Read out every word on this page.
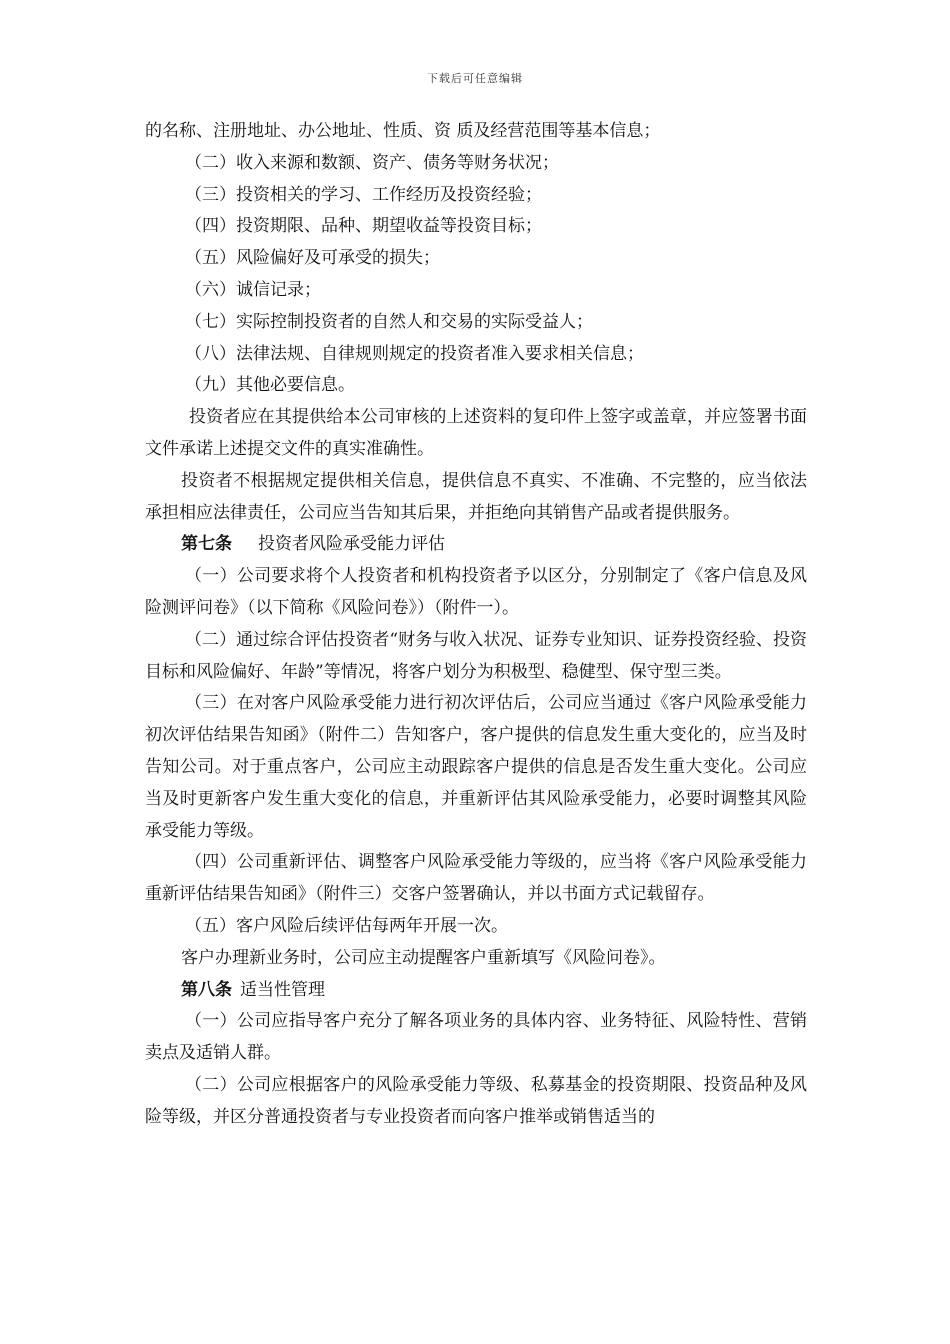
下载后可任意编辑

的名称、注册地址、办公地址、性质、资 质及经营范围等基本信息；

（二）收入来源和数额、资产、债务等财务状况；

（三）投资相关的学习、工作经历及投资经验；

（四）投资期限、品种、期望收益等投资目标；

（五）风险偏好及可承受的损失；

（六）诚信记录；

（七）实际控制投资者的自然人和交易的实际受益人；

（八）法律法规、自律规则规定的投资者准入要求相关信息；

（九）其他必要信息。

投资者应在其提供给本公司审核的上述资料的复印件上签字或盖章，并应签署书面文件承诺上述提交文件的真实准确性。

投资者不根据规定提供相关信息，提供信息不真实、不准确、不完整的，应当依法承担相应法律责任，公司应当告知其后果，并拒绝向其销售产品或者提供服务。

第七条 投资者风险承受能力评估

（一）公司要求将个人投资者和机构投资者予以区分，分别制定了《客户信息及风险测评问卷》（以下简称《风险问卷》）（附件一）。

（二）通过综合评估投资者“财务与收入状况、证券专业知识、证券投资经验、投资目标和风险偏好、年龄”等情况，将客户划分为积极型、稳健型、保守型三类。

（三）在对客户风险承受能力进行初次评估后，公司应当通过《客户风险承受能力初次评估结果告知函》（附件二）告知客户，客户提供的信息发生重大变化的，应当及时告知公司。对于重点客户，公司应主动跟踪客户提供的信息是否发生重大变化。公司应当及时更新客户发生重大变化的信息，并重新评估其风险承受能力，必要时调整其风险承受能力等级。

（四）公司重新评估、调整客户风险承受能力等级的，应当将《客户风险承受能力重新评估结果告知函》（附件三）交客户签署确认，并以书面方式记载留存。

（五）客户风险后续评估每两年开展一次。

客户办理新业务时，公司应主动提醒客户重新填写《风险问卷》。

第八条 适当性管理

（一）公司应指导客户充分了解各项业务的具体内容、业务特征、风险特性、营销卖点及适销人群。

（二）公司应根据客户的风险承受能力等级、私募基金的投资期限、投资品种及风险等级，并区分普通投资者与专业投资者而向客户推举或销售适当的
